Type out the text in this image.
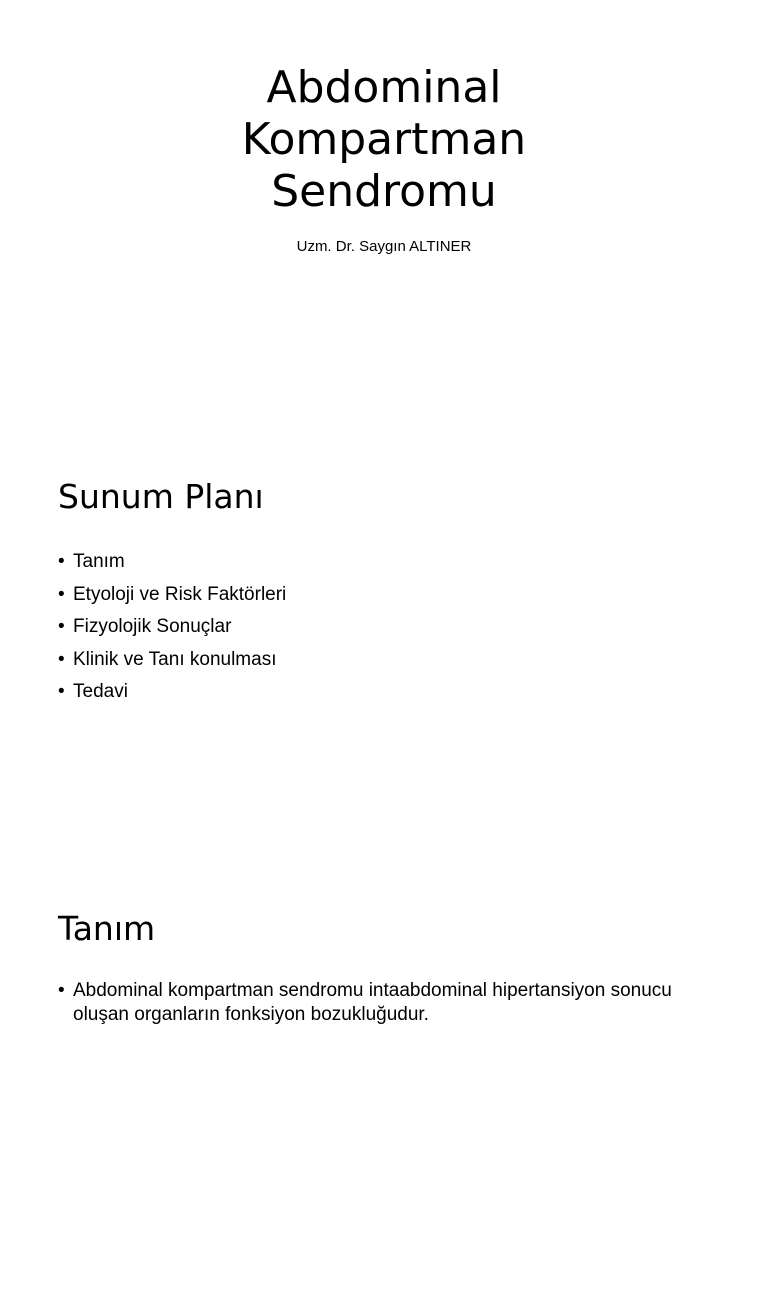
Abdominal
Kompartman
Sendromu

Uzm. Dr. Saygın ALTINER

Sunum Planı
• Tanım
• Etyoloji ve Risk Faktörleri
• Fizyolojik Sonuçlar
• Klinik ve Tanı konulması
• Tedavi
Tanım
• Abdominal kompartman sendromu intaabdominal hipertansiyon sonucu oluşan organların fonksiyon bozukluğudur.
